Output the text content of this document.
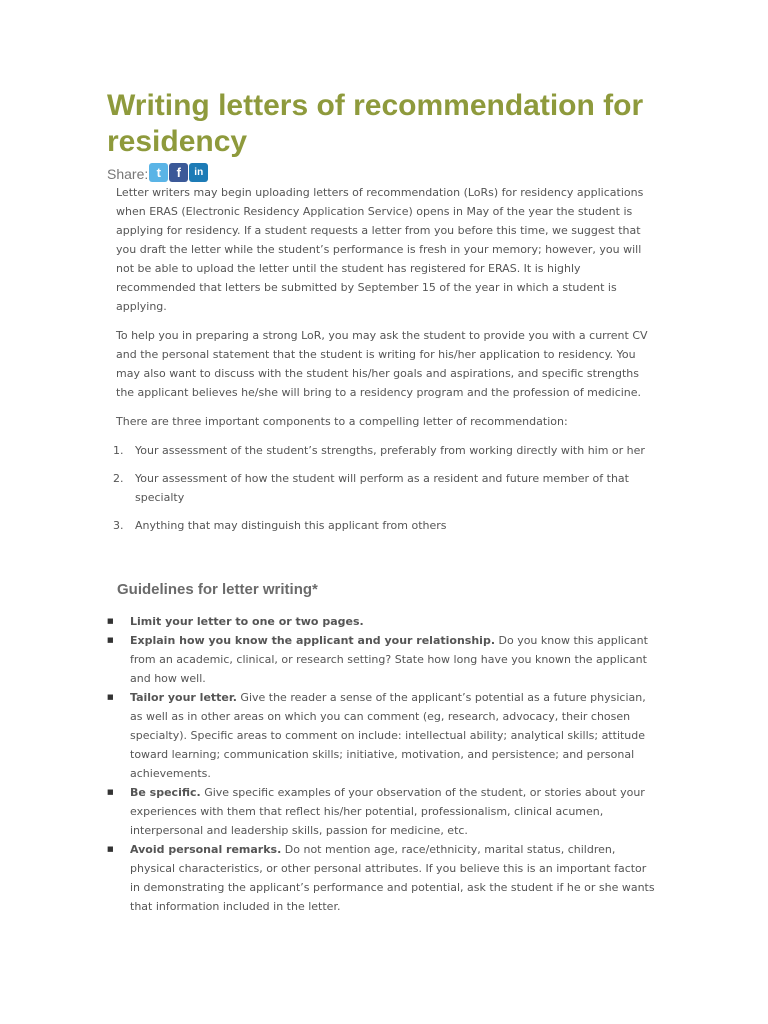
Writing letters of recommendation for residency
Share: t	f	in

Letter writers may begin uploading letters of recommendation (LoRs) for residency applications when ERAS (Electronic Residency Application Service) opens in May of the year the student is applying for residency. If a student requests a letter from you before this time, we suggest that you draft the letter while the student’s performance is fresh in your memory; however, you will not be able to upload the letter until the student has registered for ERAS. It is highly recommended that letters be submitted by September 15 of the year in which a student is applying.

To help you in preparing a strong LoR, you may ask the student to provide you with a current CV and the personal statement that the student is writing for his/her application to residency. You may also want to discuss with the student his/her goals and aspirations, and specific strengths the applicant believes he/she will bring to a residency program and the profession of medicine.

There are three important components to a compelling letter of recommendation:

1. Your assessment of the student’s strengths, preferably from working directly with him or her
2. Your assessment of how the student will perform as a resident and future member of that specialty
3. Anything that may distinguish this applicant from others
Guidelines for letter writing*
■ Limit your letter to one or two pages.
■ Explain how you know the applicant and your relationship. Do you know this applicant from an academic, clinical, or research setting? State how long have you known the applicant and how well.
■ Tailor your letter. Give the reader a sense of the applicant’s potential as a future physician, as well as in other areas on which you can comment (eg, research, advocacy, their chosen specialty). Specific areas to comment on include: intellectual ability; analytical skills; attitude toward learning; communication skills; initiative, motivation, and persistence; and personal achievements.
■ Be specific. Give specific examples of your observation of the student, or stories about your experiences with them that reflect his/her potential, professionalism, clinical acumen, interpersonal and leadership skills, passion for medicine, etc.
■ Avoid personal remarks. Do not mention age, race/ethnicity, marital status, children, physical characteristics, or other personal attributes. If you believe this is an important factor in demonstrating the applicant’s performance and potential, ask the student if he or she wants that information included in the letter.
